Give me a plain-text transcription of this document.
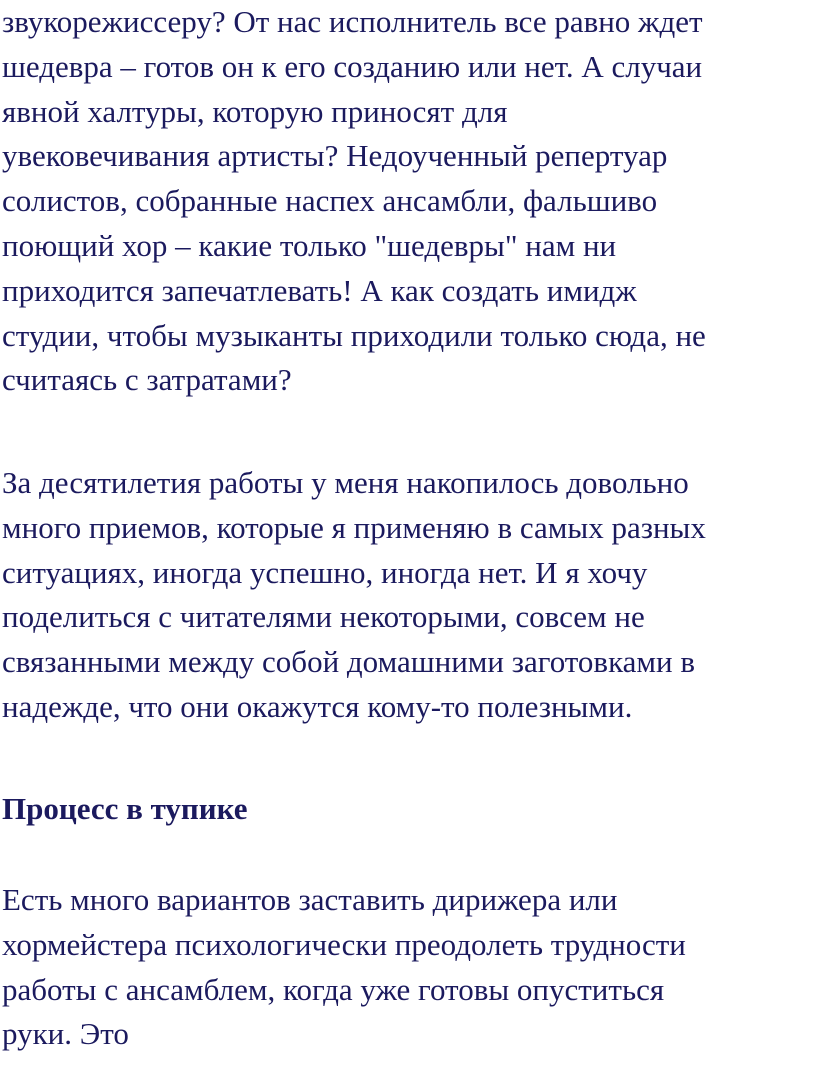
звукорежиссеру? От нас исполнитель все равно ждет
шедевра – готов он к его созданию или нет. А случаи
явной халтуры, которую приносят для
увековечивания артисты? Недоученный репертуар
солистов, собранные наспех ансамбли, фальшиво
поющий хор – какие только "шедевры" нам ни
приходится запечатлевать! А как создать имидж
студии, чтобы музыканты приходили только сюда, не
считаясь с затратами?
За десятилетия работы у меня накопилось довольно
много приемов, которые я применяю в самых разных
ситуациях, иногда успешно, иногда нет. И я хочу
поделиться с читателями некоторыми, совсем не
связанными между собой домашними заготовками в
надежде, что они окажутся кому-то полезными.
Процесс в тупике
Есть много вариантов заставить дирижера или
хормейстера психологически преодолеть трудности
работы с ансамблем, когда уже готовы опуститься
руки. Это
